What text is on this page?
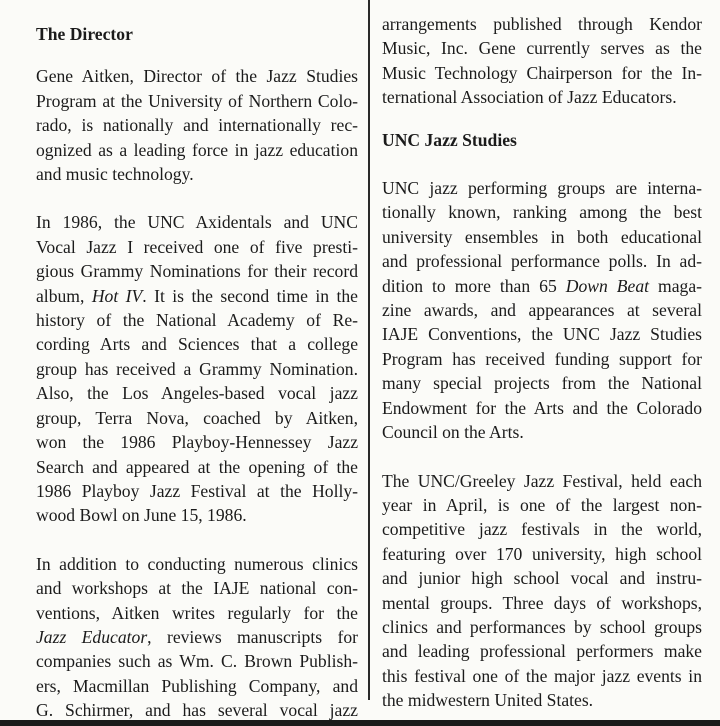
The Director

Gene Aitken, Director of the Jazz Studies
Program at the University of Northern Colo-
rado, is nationally and internationally rec-
ognized as a leading force in jazz education
and music technology.

In 1986, the UNC Axidentals and UNC
Vocal Jazz I received one of five presti-
gious Grammy Nominations for their record
album, Hot IV. It is the second time in the
history of the National Academy of Re-
cording Arts and Sciences that a college
group has received a Grammy Nomination.
Also, the Los Angeles-based vocal jazz
group, Terra Nova, coached by Aitken,
won the 1986 Playboy-Hennessey Jazz
Search and appeared at the opening of the
1986 Playboy Jazz Festival at the Holly-
wood Bowl on June 15, 1986.

In addition to conducting numerous clinics
and workshops at the IAJE national con-
ventions, Aitken writes regularly for the
Jazz Educator, reviews manuscripts for
companies such as Wm. C. Brown Publish-
ers, Macmillan Publishing Company, and
G. Schirmer, and has several vocal jazz

arrangements published through Kendor
Music, Inc. Gene currently serves as the
Music Technology Chairperson for the In-
ternational Association of Jazz Educators.

UNC Jazz Studies

UNC jazz performing groups are interna-
tionally known, ranking among the best
university ensembles in both educational
and professional performance polls. In ad-
dition to more than 65 Down Beat maga-
zine awards, and appearances at several
IAJE Conventions, the UNC Jazz Studies
Program has received funding support for
many special projects from the National
Endowment for the Arts and the Colorado
Council on the Arts.

The UNC/Greeley Jazz Festival, held each
year in April, is one of the largest non-
competitive jazz festivals in the world,
featuring over 170 university, high school
and junior high school vocal and instru-
mental groups. Three days of workshops,
clinics and performances by school groups
and leading professional performers make
this festival one of the major jazz events in
the midwestern United States.
